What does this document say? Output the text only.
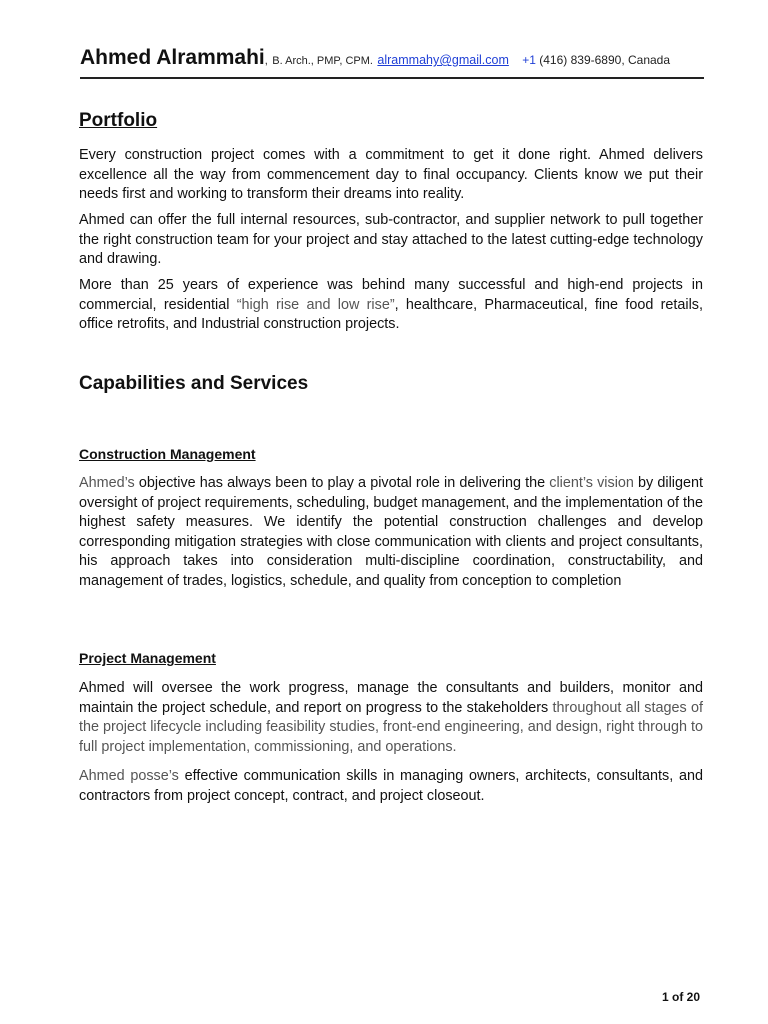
Ahmed Alrammahi, B. Arch., PMP, CPM. alrammahy@gmail.com +1 (416) 839-6890, Canada
Portfolio
Every construction project comes with a commitment to get it done right. Ahmed delivers excellence all the way from commencement day to final occupancy. Clients know we put their needs first and working to transform their dreams into reality.
Ahmed can offer the full internal resources, sub-contractor, and supplier network to pull together the right construction team for your project and stay attached to the latest cutting-edge technology and drawing.
More than 25 years of experience was behind many successful and high-end projects in commercial, residential “high rise and low rise”, healthcare, Pharmaceutical, fine food retails, office retrofits, and Industrial construction projects.
Capabilities and Services
Construction Management
Ahmed’s objective has always been to play a pivotal role in delivering the client’s vision by diligent oversight of project requirements, scheduling, budget management, and the implementation of the highest safety measures. We identify the potential construction challenges and develop corresponding mitigation strategies with close communication with clients and project consultants, his approach takes into consideration multi-discipline coordination, constructability, and management of trades, logistics, schedule, and quality from conception to completion
Project Management
Ahmed will oversee the work progress, manage the consultants and builders, monitor and maintain the project schedule, and report on progress to the stakeholders throughout all stages of the project lifecycle including feasibility studies, front-end engineering, and design, right through to full project implementation, commissioning, and operations.
Ahmed posse’s effective communication skills in managing owners, architects, consultants, and contractors from project concept, contract, and project closeout.
1 of 20
